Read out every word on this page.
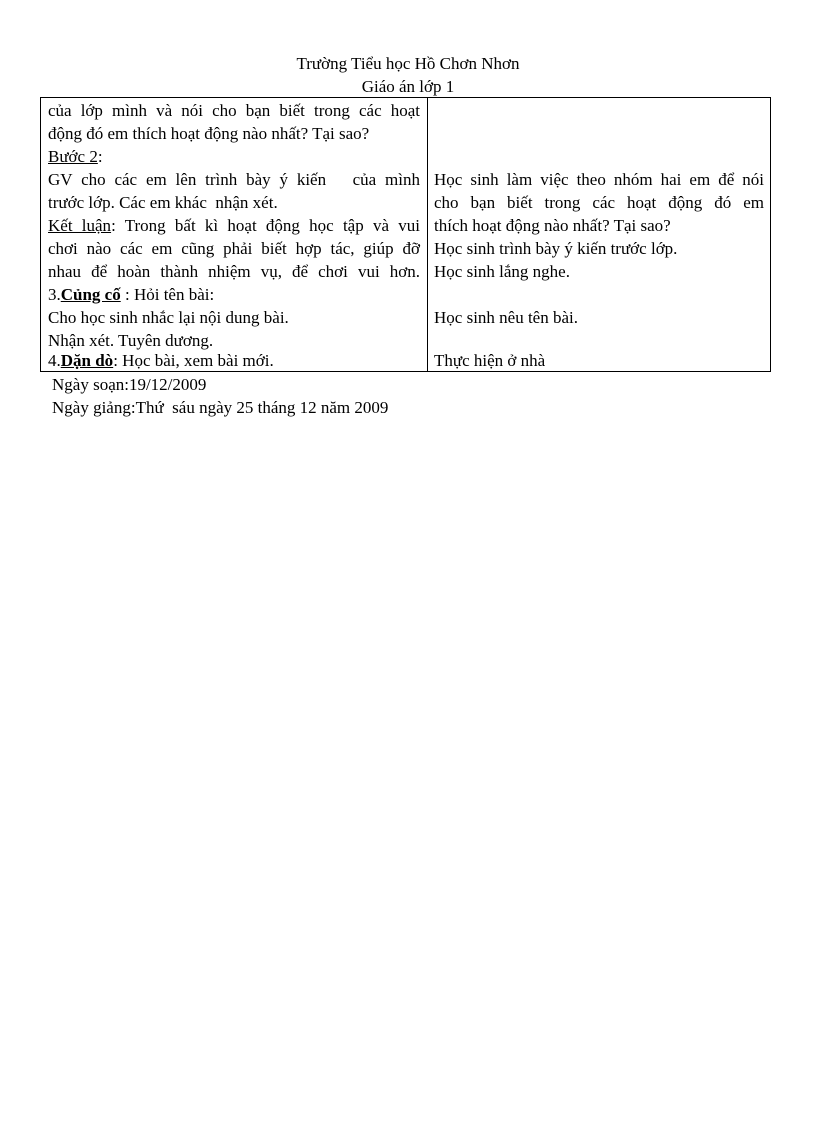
Trường Tiểu học Hồ Chơn Nhơn
Giáo án lớp 1
của lớp mình và nói cho bạn biết trong các hoạt
động đó em thích hoạt động nào nhất? Tại sao?
Bước 2:
GV cho các em lên trình bày ý kiến   của mình
trước lớp. Các em khác  nhận xét.
Kết luận: Trong bất kì hoạt động học tập và vui
chơi nào các em cũng phải biết hợp tác, giúp đỡ
nhau để hoàn thành nhiệm vụ, để chơi vui hơn.
3.Củng cố : Hỏi tên bài:
Cho học sinh nhắc lại nội dung bài.
Nhận xét. Tuyên dương.
4.Dặn dò: Học bài, xem bài mới.
Học sinh làm việc theo nhóm hai em để nói
cho bạn biết trong các hoạt động đó em
thích hoạt động nào nhất? Tại sao?
Học sinh trình bày ý kiến trước lớp.
Học sinh lắng nghe.
Học sinh nêu tên bài.
Thực hiện ở nhà
Ngày soạn:19/12/2009
Ngày giảng:Thứ  sáu ngày 25 tháng 12 năm 2009
